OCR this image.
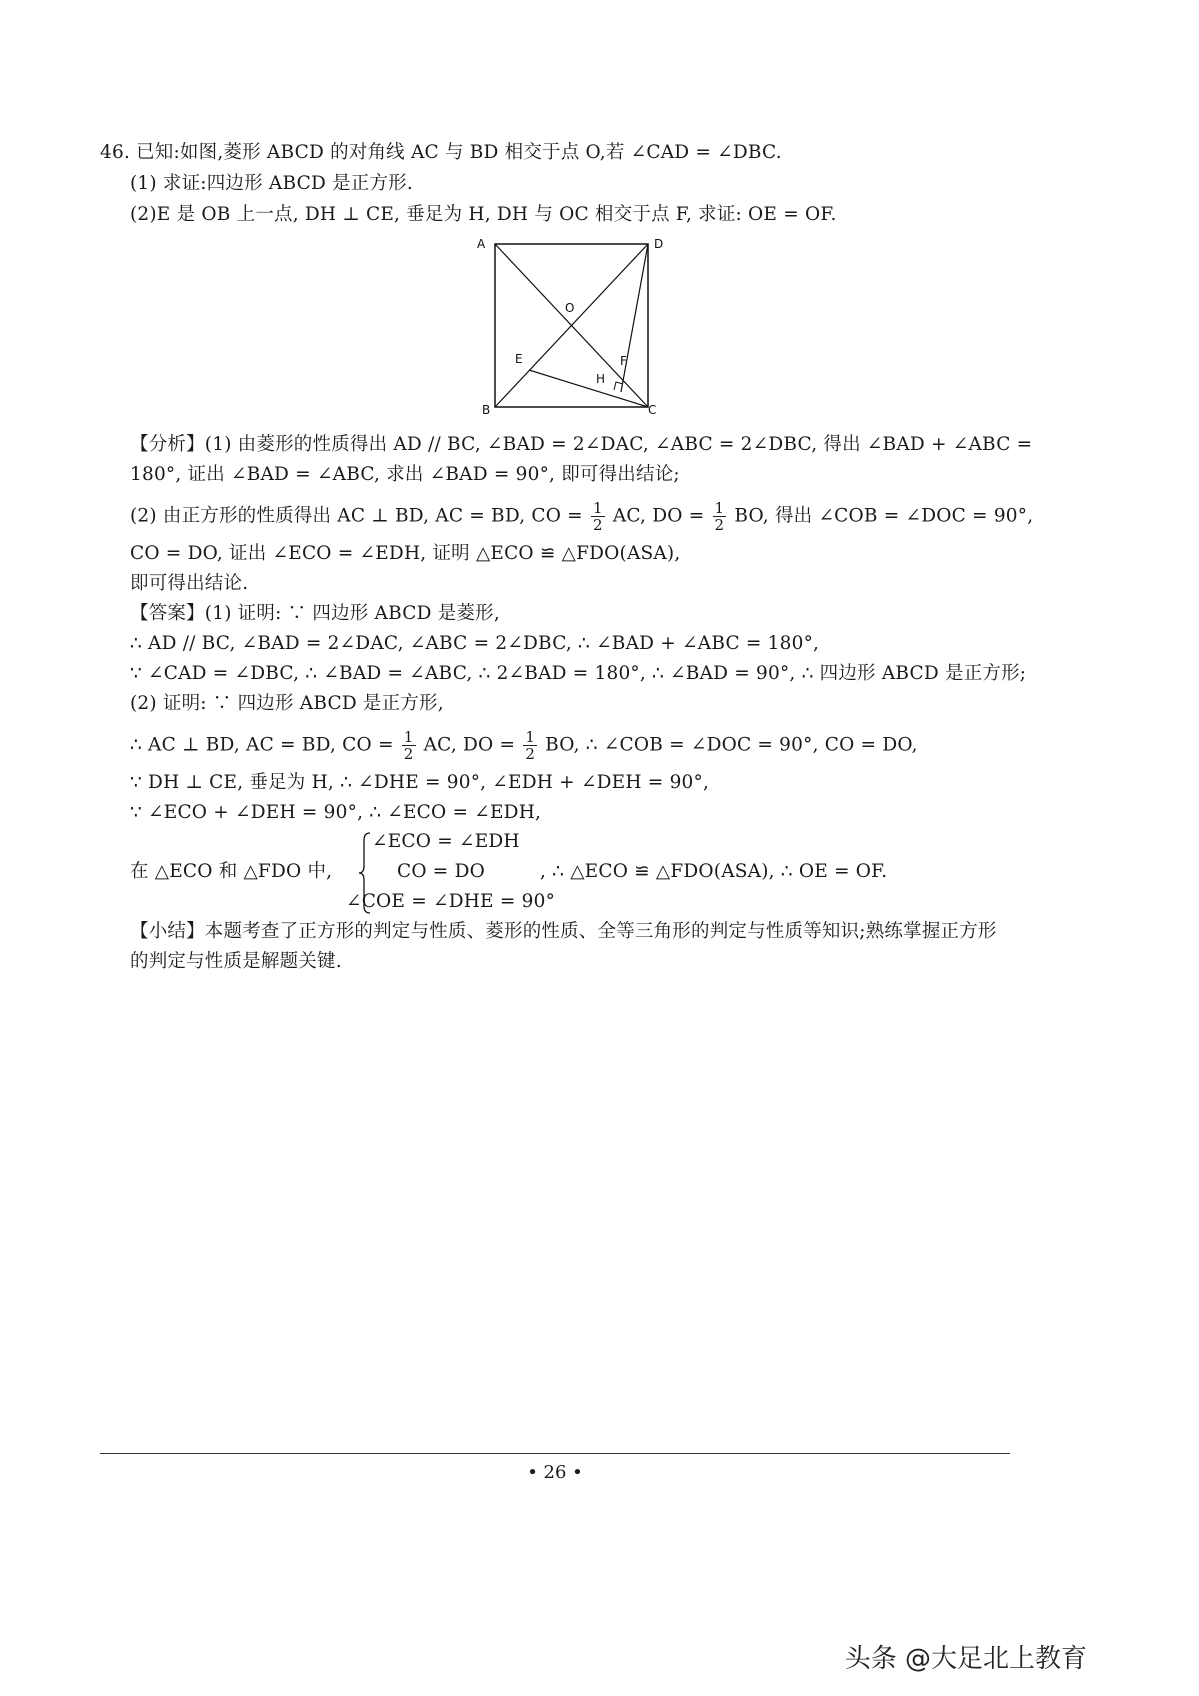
46. 已知:如图,菱形 ABCD 的对角线 AC 与 BD 相交于点 O,若 ∠CAD = ∠DBC.
(1) 求证:四边形 ABCD 是正方形.
(2)E 是 OB 上一点, DH ⊥ CE, 垂足为 H, DH 与 OC 相交于点 F, 求证: OE = OF.
A	D
O
E	F
H
B	C
【分析】(1) 由菱形的性质得出 AD // BC, ∠BAD = 2∠DAC, ∠ABC = 2∠DBC, 得出 ∠BAD + ∠ABC =
180°, 证出 ∠BAD = ∠ABC, 求出 ∠BAD = 90°, 即可得出结论;
(2) 由正方形的性质得出 AC ⊥ BD, AC = BD, CO = $\frac{1}{2}$ AC, DO = $\frac{1}{2}$ BO, 得出 ∠COB = ∠DOC = 90°,
CO = DO, 证出 ∠ECO = ∠EDH, 证明 △ECO ≌ △FDO(ASA),
即可得出结论.
【答案】(1) 证明: ∵ 四边形 ABCD 是菱形,
∴ AD // BC, ∠BAD = 2∠DAC, ∠ABC = 2∠DBC, ∴ ∠BAD + ∠ABC = 180°,
∵ ∠CAD = ∠DBC, ∴ ∠BAD = ∠ABC, ∴ 2∠BAD = 180°, ∴ ∠BAD = 90°, ∴ 四边形 ABCD 是正方形;
(2) 证明: ∵ 四边形 ABCD 是正方形,
∴ AC ⊥ BD, AC = BD, CO = $\frac{1}{2}$ AC, DO = $\frac{1}{2}$ BO, ∴ ∠COB = ∠DOC = 90°, CO = DO,
∵ DH ⊥ CE, 垂足为 H, ∴ ∠DHE = 90°, ∠EDH + ∠DEH = 90°,
∵ ∠ECO + ∠DEH = 90°, ∴ ∠ECO = ∠EDH,
在 △ECO 和 △FDO 中,
∠ECO = ∠EDH
CO = DO
∠COE = ∠DHE = 90°
, ∴ △ECO ≌ △FDO(ASA), ∴ OE = OF.
【小结】本题考查了正方形的判定与性质、菱形的性质、全等三角形的判定与性质等知识;熟练掌握正方形
的判定与性质是解题关键.
• 26 •
头条 @大足北上教育
